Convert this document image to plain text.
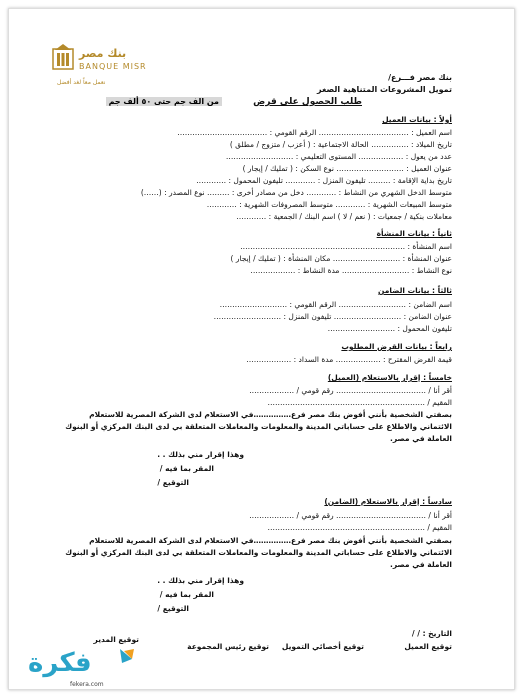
بنك مصر
BANQUE MISR
نعمل معاً لغد أفضل
بنك مصر فـــرع/
تمويل المشروعات المتناهية الصغر
طلب الحصول على قرض
من الف جم حتى ٥٠ ألف جم
أولاً : بيانات العميل
اسم العميل : ……………………………… الرقم القومي : ………………………………
تاريخ الميلاد : …………… الحالة الاجتماعية : ( أعزب / متزوج / مطلق )
عدد من يعول : ……………… المستوى التعليمي : ………………………
عنوان العميل : ……………………… نوع السكن : ( تمليك / إيجار )
تاريخ بداية الإقامة : ……… تليفون المنزل : ………… تليفون المحمول : …………
متوسط الدخل الشهري من النشاط : ………… دخل من مصادر أخرى : ……… نوع المصدر : (……)
متوسط المبيعات الشهرية : ………… متوسط المصروفات الشهرية : …………
معاملات بنكية / جمعيات : ( نعم / لا ) اسم البنك / الجمعية : …………
ثانياً : بيانات المنشأة
اسم المنشأة : …………………………………………………………
عنوان المنشأة : ……………………… مكان المنشأة : ( تمليك / إيجار )
نوع النشاط : ……………………… مدة النشاط : ………………
ثالثاً : بيانات الضامن
اسم الضامن : ……………………… الرقم القومي : ………………………
عنوان الضامن : ……………………… تليفون المنزل : ………………………
تليفون المحمول : ………………………
رابعاً : بيانات القرض المطلوب
قيمة القرض المقترح : ……………… مدة السداد : ………………
خامساً : إقرار بالاستعلام (العميل)
أقر أنا / ……………………………… رقم قومي / ………………
المقيم / ………………………………………………………
بصفتي الشخصية بأنني أفوض بنك مصر فرع……………في الاستعلام لدى الشركة المصرية للاستعلام
الائتماني والاطلاع على حساباتي المدينة والمعلومات والمعاملات المتعلقة بي لدى البنك المركزي أو البنوك
العاملة في مصر.
وهذا إقرار مني بذلك . .
المقر بما فيه /
التوقيع /
سادساً : إقرار بالاستعلام (الضامن)
أقر أنا / ……………………………… رقم قومي / ………………
المقيم / ………………………………………………………
بصفتي الشخصية بأنني أفوض بنك مصر فرع……………في الاستعلام لدى الشركة المصرية للاستعلام
الائتماني والاطلاع على حساباتي المدينة والمعلومات والمعاملات المتعلقة بي لدى البنك المركزي أو البنوك
العاملة في مصر.
وهذا إقرار مني بذلك . .
المقر بما فيه /
التوقيع /
التاريخ : / /
توقيع العميل
توقيع أخصائي التمويل
توقيع رئيس المجموعة
توقيع المدير
فكرة
fekera.com
